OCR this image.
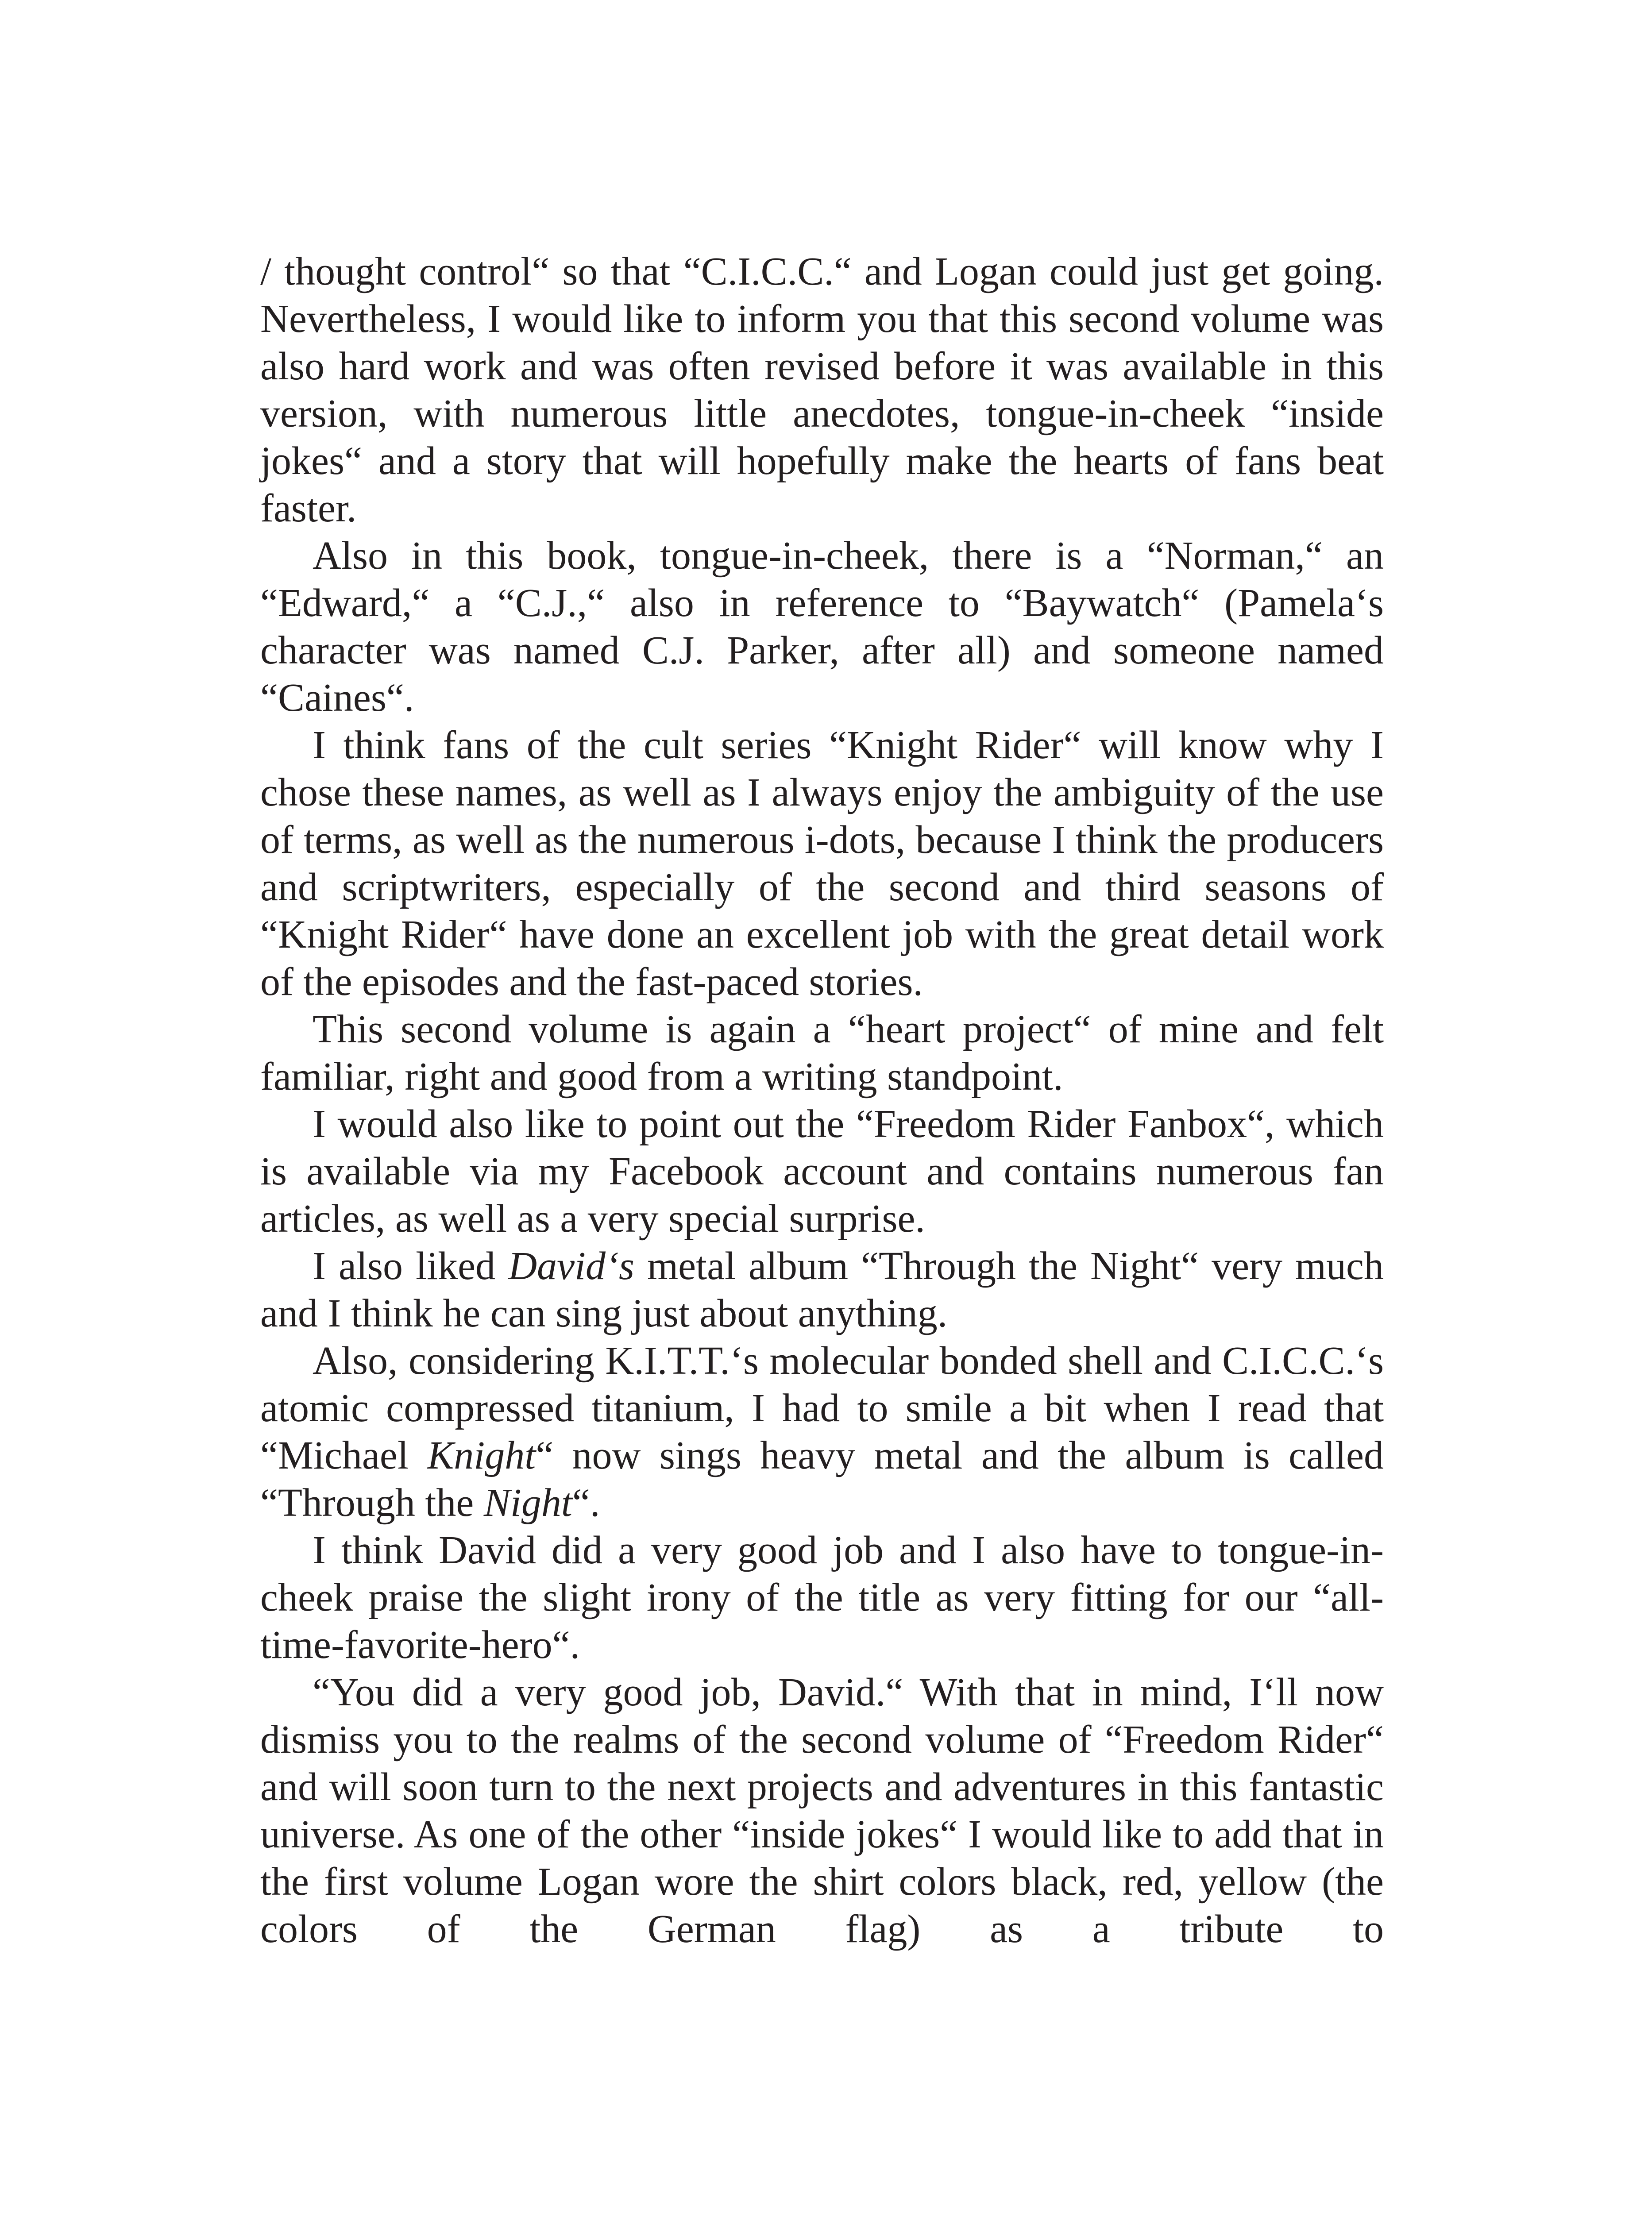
/ thought control“ so that “C.I.C.C.“ and Logan could just get going. Nevertheless, I would like to inform you that this second volume was also hard work and was often revised before it was available in this version, with numerous little anecdotes, tongue-in-cheek “inside jokes“ and a story that will hopefully make the hearts of fans beat faster.

Also in this book, tongue-in-cheek, there is a “Norman,“ an “Edward,“ a “C.J.,“ also in reference to “Baywatch“ (Pamela‘s character was named C.J. Parker, after all) and someone named “Caines“.

I think fans of the cult series “Knight Rider“ will know why I chose these names, as well as I always enjoy the ambiguity of the use of terms, as well as the numerous i-dots, because I think the producers and scriptwriters, especially of the second and third seasons of “Knight Rider“ have done an excellent job with the great detail work of the episodes and the fast-paced stories.

This second volume is again a “heart project“ of mine and felt familiar, right and good from a writing standpoint.

I would also like to point out the “Freedom Rider Fanbox“, which is available via my Facebook account and contains numerous fan articles, as well as a very special surprise.

I also liked David‘s metal album “Through the Night“ very much and I think he can sing just about anything.

Also, considering K.I.T.T.‘s molecular bonded shell and C.I.C.C.‘s atomic compressed titanium, I had to smile a bit when I read that “Michael Knight“ now sings heavy metal and the album is called “Through the Night“.

I think David did a very good job and I also have to tongue-in-cheek praise the slight irony of the title as very fitting for our “all-time-favorite-hero“.

“You did a very good job, David.“ With that in mind, I‘ll now dismiss you to the realms of the second volume of “Freedom Rider“ and will soon turn to the next projects and adventures in this fantastic universe. As one of the other “inside jokes“ I would like to add that in the first volume Logan wore the shirt colors black, red, yellow (the colors of the German flag) as a tribute to
